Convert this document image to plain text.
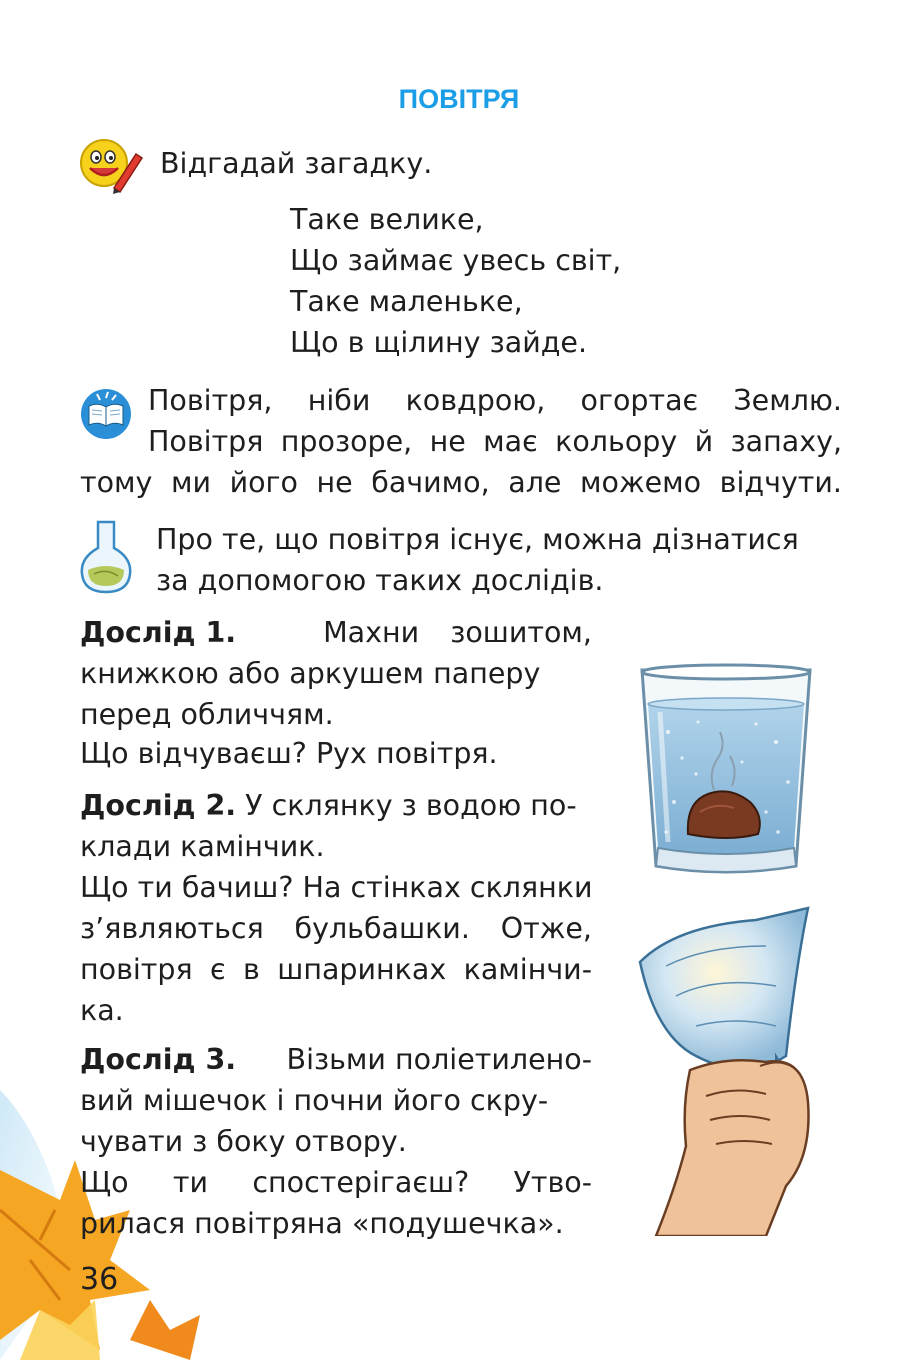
ПОВІТРЯ
Відгадай загадку.
Таке велике,
Що займає увесь світ,
Таке маленьке,
Що в щілину зайде.
Повітря, ніби ковдрою, огортає Землю.
Повітря прозоре, не має кольору й запаху,
тому ми його не бачимо, але можемо відчути.
Про те, що повітря існує, можна дізнатися
за допомогою таких дослідів.
Дослід 1.	Махни зошитом,
книжкою або аркушем паперу
перед обличчям.
Що відчуваєш? Рух повітря.
Дослід 2. У склянку з водою по-
клади камінчик.
Що ти бачиш? На стінках склянки
з’являються бульбашки. Отже,
повітря є в шпаринках камінчи-
ка.
Дослід 3. Візьми поліетилено-
вий мішечок і почни його скру-
чувати з боку отвору.
Що ти спостерігаєш? Утво-
рилася повітряна «подушечка».
36
